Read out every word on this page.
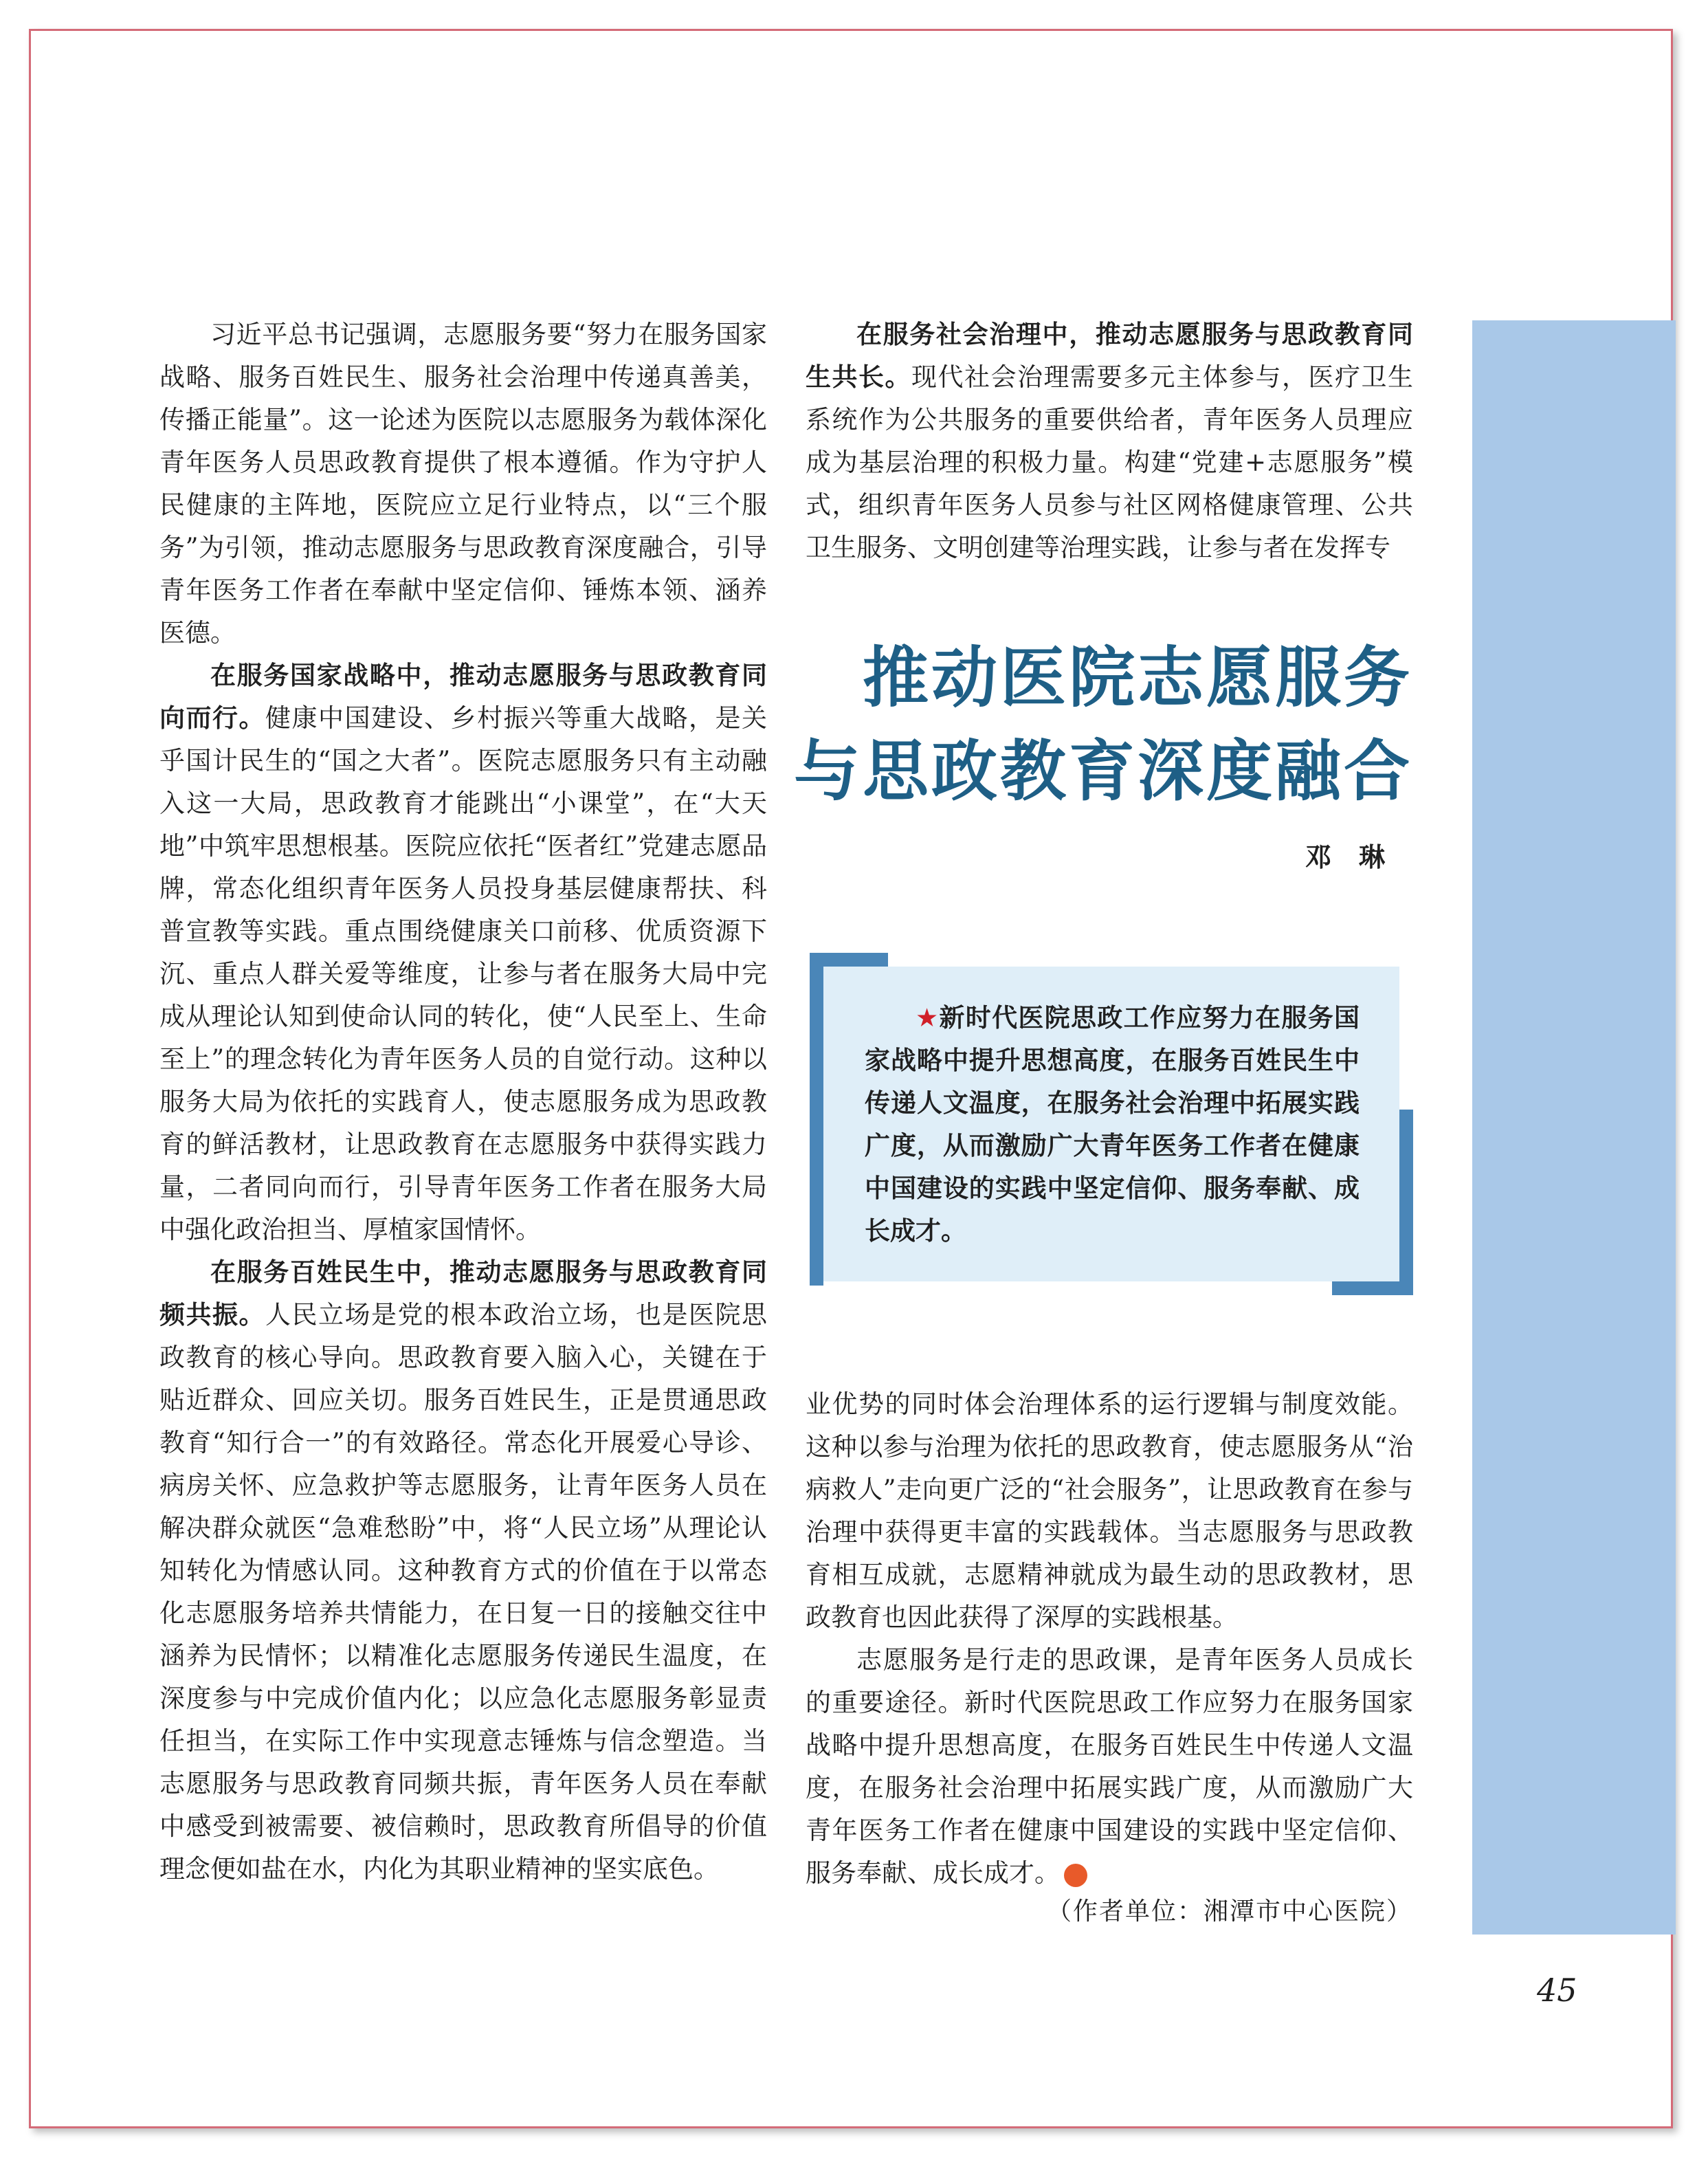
习近平总书记强调，志愿服务要“努力在服务国家战略、服务百姓民生、服务社会治理中传递真善美，传播正能量”。这一论述为医院以志愿服务为载体深化青年医务人员思政教育提供了根本遵循。作为守护人民健康的主阵地，医院应立足行业特点，以“三个服务”为引领，推动志愿服务与思政教育深度融合，引导青年医务工作者在奉献中坚定信仰、锤炼本领、涵养医德。

在服务国家战略中，推动志愿服务与思政教育同向而行。健康中国建设、乡村振兴等重大战略，是关乎国计民生的“国之大者”。医院志愿服务只有主动融入这一大局，思政教育才能跳出“小课堂”，在“大天地”中筑牢思想根基。医院应依托“医者红”党建志愿品牌，常态化组织青年医务人员投身基层健康帮扶、科普宣教等实践。重点围绕健康关口前移、优质资源下沉、重点人群关爱等维度，让参与者在服务大局中完成从理论认知到使命认同的转化，使“人民至上、生命至上”的理念转化为青年医务人员的自觉行动。这种以服务大局为依托的实践育人，使志愿服务成为思政教育的鲜活教材，让思政教育在志愿服务中获得实践力量，二者同向而行，引导青年医务工作者在服务大局中强化政治担当、厚植家国情怀。

在服务百姓民生中，推动志愿服务与思政教育同频共振。人民立场是党的根本政治立场，也是医院思政教育的核心导向。思政教育要入脑入心，关键在于贴近群众、回应关切。服务百姓民生，正是贯通思政教育“知行合一”的有效路径。常态化开展爱心导诊、病房关怀、应急救护等志愿服务，让青年医务人员在解决群众就医“急难愁盼”中，将“人民立场”从理论认知转化为情感认同。这种教育方式的价值在于以常态化志愿服务培养共情能力，在日复一日的接触交往中涵养为民情怀；以精准化志愿服务传递民生温度，在深度参与中完成价值内化；以应急化志愿服务彰显责任担当，在实际工作中实现意志锤炼与信念塑造。当志愿服务与思政教育同频共振，青年医务人员在奉献中感受到被需要、被信赖时，思政教育所倡导的价值理念便如盐在水，内化为其职业精神的坚实底色。

在服务社会治理中，推动志愿服务与思政教育同生共长。现代社会治理需要多元主体参与，医疗卫生系统作为公共服务的重要供给者，青年医务人员理应成为基层治理的积极力量。构建“党建+志愿服务”模式，组织青年医务人员参与社区网格健康管理、公共卫生服务、文明创建等治理实践，让参与者在发挥专

推动医院志愿服务
与思政教育深度融合
邓琳
★新时代医院思政工作应努力在服务国家战略中提升思想高度，在服务百姓民生中传递人文温度，在服务社会治理中拓展实践广度，从而激励广大青年医务工作者在健康中国建设的实践中坚定信仰、服务奉献、成长成才。

业优势的同时体会治理体系的运行逻辑与制度效能。这种以参与治理为依托的思政教育，使志愿服务从“治病救人”走向更广泛的“社会服务”，让思政教育在参与治理中获得更丰富的实践载体。当志愿服务与思政教育相互成就，志愿精神就成为最生动的思政教材，思政教育也因此获得了深厚的实践根基。

志愿服务是行走的思政课，是青年医务人员成长的重要途径。新时代医院思政工作应努力在服务国家战略中提升思想高度，在服务百姓民生中传递人文温度，在服务社会治理中拓展实践广度，从而激励广大青年医务工作者在健康中国建设的实践中坚定信仰、服务奉献、成长成才。	✦

（作者单位：湘潭市中心医院）
45
